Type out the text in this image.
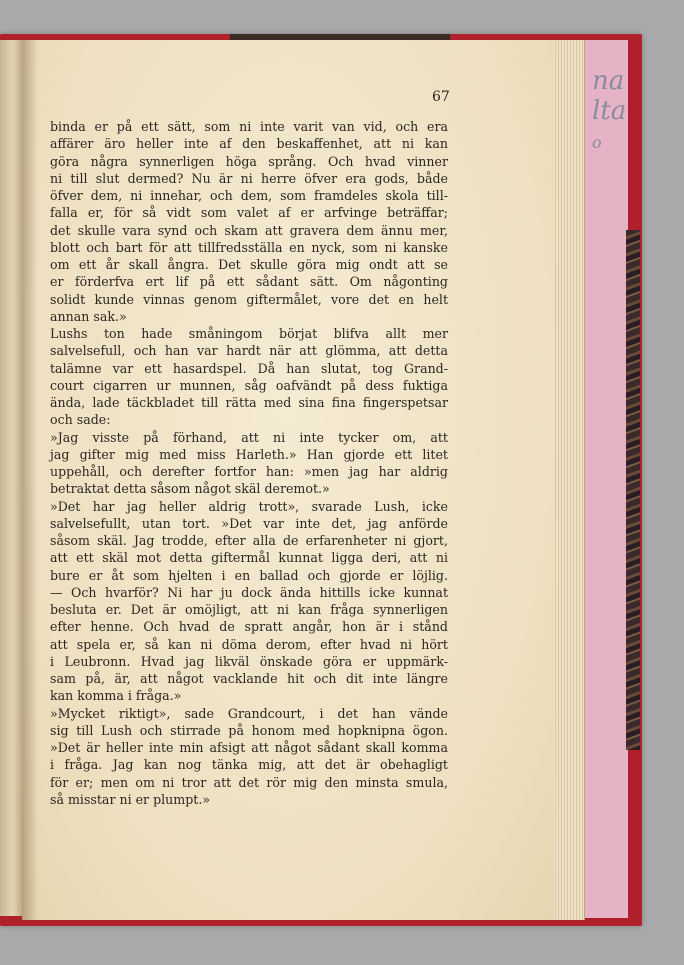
na
lta
o
67
binda er på ett sätt, som ni inte varit van vid, och era
affärer äro heller inte af den beskaffenhet, att ni kan
göra några synnerligen höga språng. Och hvad vinner
ni till slut dermed? Nu är ni herre öfver era gods, både
öfver dem, ni innehar, och dem, som framdeles skola till-
falla er, för så vidt som valet af er arfvinge beträffar;
det skulle vara synd och skam att gravera dem ännu mer,
blott och bart för att tillfredsställa en nyck, som ni kanske
om ett år skall ångra. Det skulle göra mig ondt att se
er förderfva ert lif på ett sådant sätt. Om någonting
solidt kunde vinnas genom giftermålet, vore det en helt
annan sak.»
Lushs ton hade småningom börjat blifva allt mer
salvelsefull, och han var hardt när att glömma, att detta
talämne var ett hasardspel. Då han slutat, tog Grand-
court cigarren ur munnen, såg oafvändt på dess fuktiga
ända, lade täckbladet till rätta med sina fina fingerspetsar
och sade:
»Jag visste på förhand, att ni inte tycker om, att
jag gifter mig med miss Harleth.» Han gjorde ett litet
uppehåll, och derefter fortfor han: »men jag har aldrig
betraktat detta såsom något skäl deremot.»
»Det har jag heller aldrig trott», svarade Lush, icke
salvelsefullt, utan tort. »Det var inte det, jag anförde
såsom skäl. Jag trodde, efter alla de erfarenheter ni gjort,
att ett skäl mot detta giftermål kunnat ligga deri, att ni
bure er åt som hjelten i en ballad och gjorde er löjlig.
— Och hvarför? Ni har ju dock ända hittills icke kunnat
besluta er. Det är omöjligt, att ni kan fråga synnerligen
efter henne. Och hvad de spratt angår, hon är i stånd
att spela er, så kan ni döma derom, efter hvad ni hört
i Leubronn. Hvad jag likväl önskade göra er uppmärk-
sam på, är, att något vacklande hit och dit inte längre
kan komma i fråga.»
»Mycket riktigt», sade Grandcourt, i det han vände
sig till Lush och stirrade på honom med hopknipna ögon.
»Det är heller inte min afsigt att något sådant skall komma
i fråga. Jag kan nog tänka mig, att det är obehagligt
för er; men om ni tror att det rör mig den minsta smula,
så misstar ni er plumpt.»
